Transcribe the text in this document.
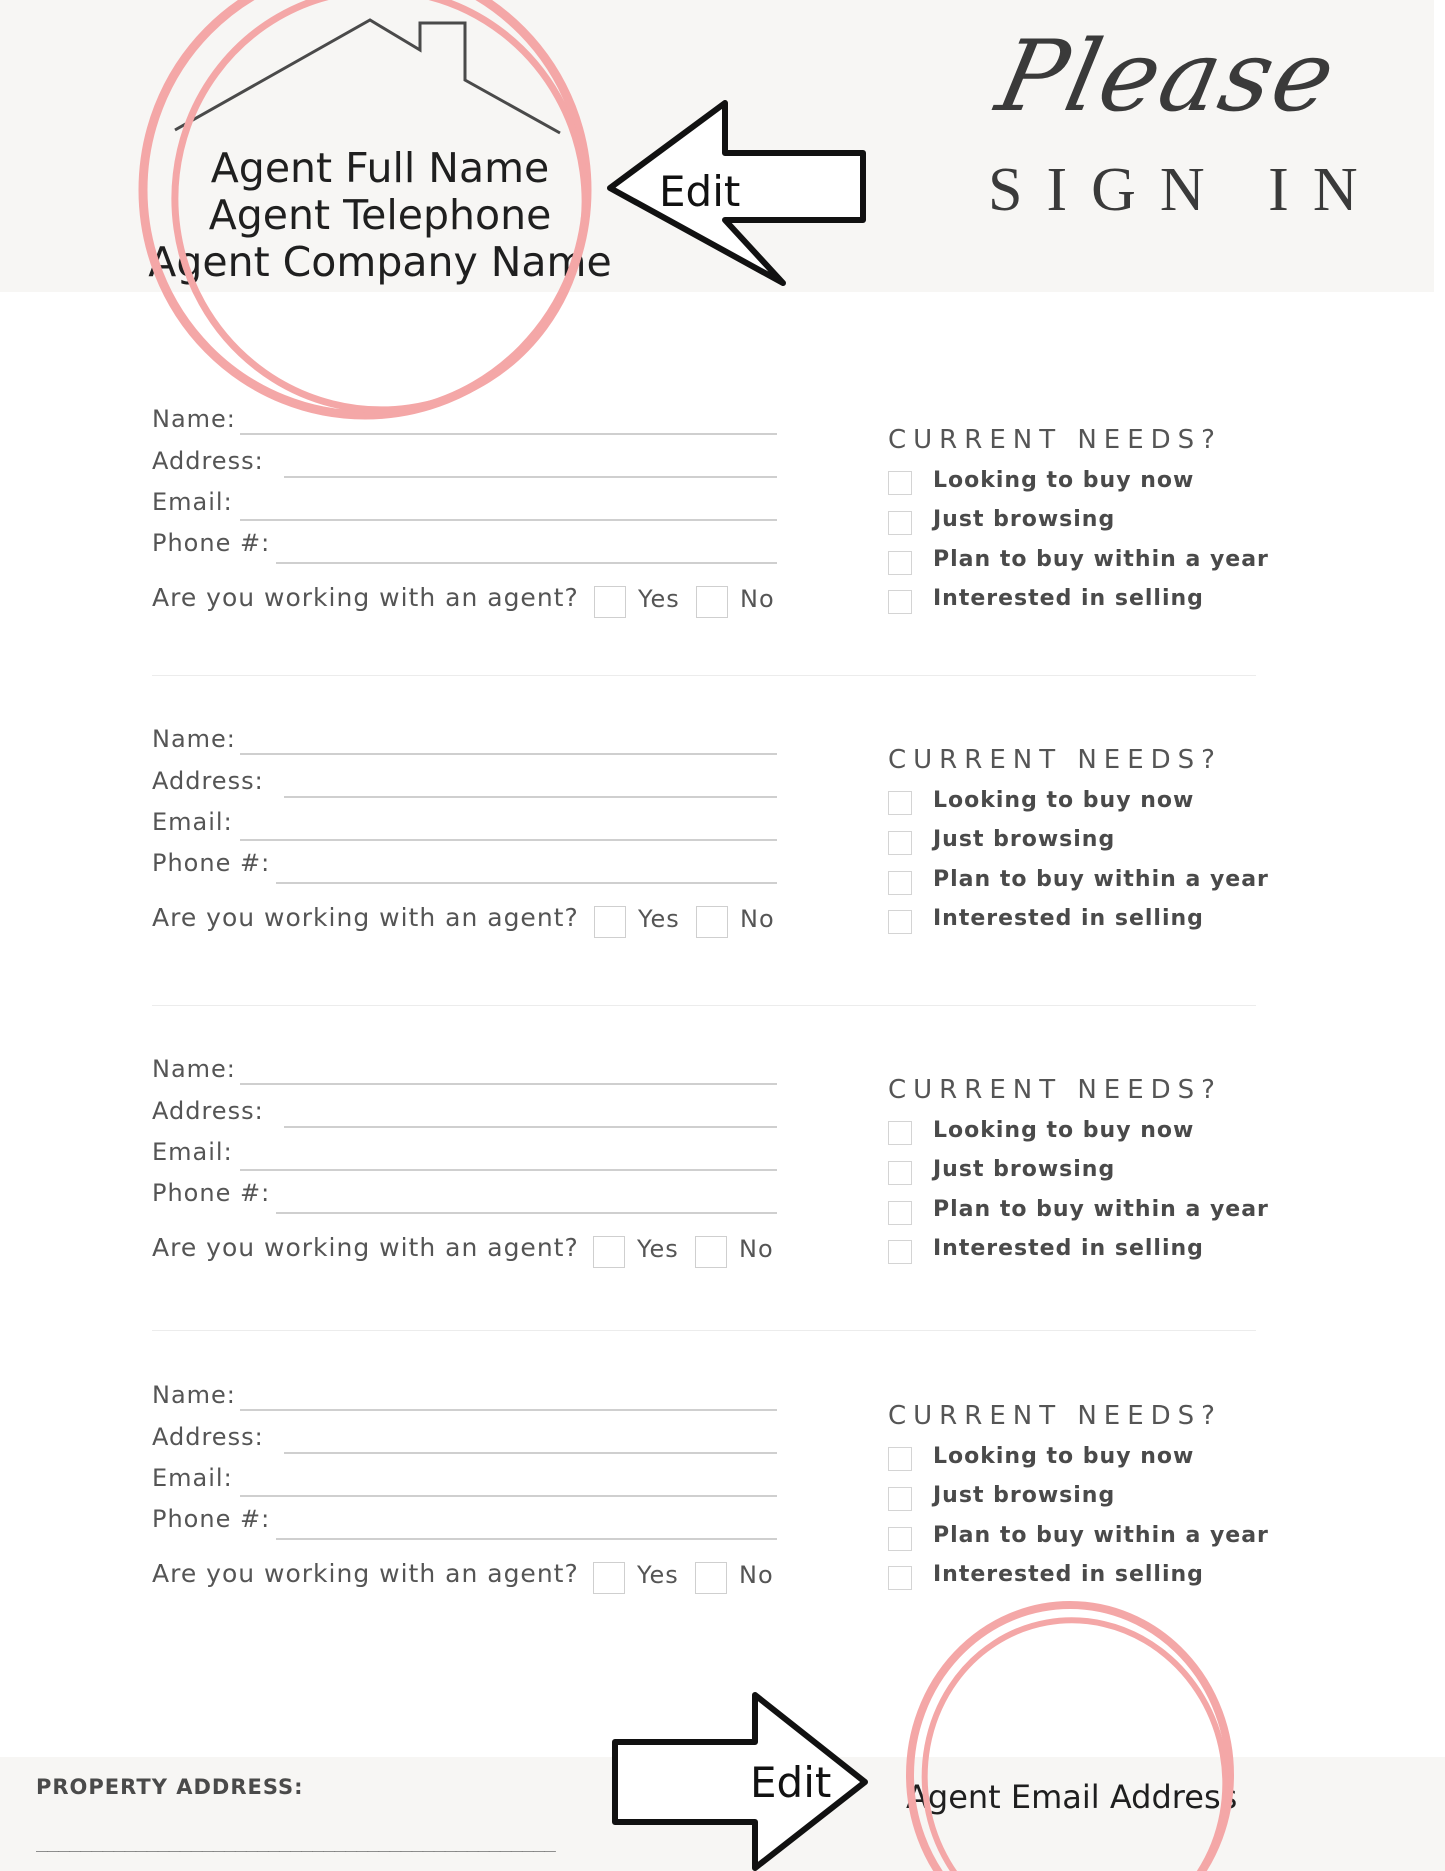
Agent Full Name
Agent Telephone
Agent Company Name
Edit
Please
SIGN IN
Name:
Address:
Email:
Phone #:
Are you working with an agent? Yes	No
CURRENT NEEDS?
Looking to buy now
Just browsing
Plan to buy within a year
Interested in selling
Name:
Address:
Email:
Phone #:
Are you working with an agent? Yes	No
CURRENT NEEDS?
Looking to buy now
Just browsing
Plan to buy within a year
Interested in selling
Name:
Address:
Email:
Phone #:
Are you working with an agent? Yes	No
CURRENT NEEDS?
Looking to buy now
Just browsing
Plan to buy within a year
Interested in selling
Name:
Address:
Email:
Phone #:
Are you working with an agent? Yes	No
CURRENT NEEDS?
Looking to buy now
Just browsing
Plan to buy within a year
Interested in selling
PROPERTY ADDRESS:
_______________________________________________
Edit Agent Email Address
